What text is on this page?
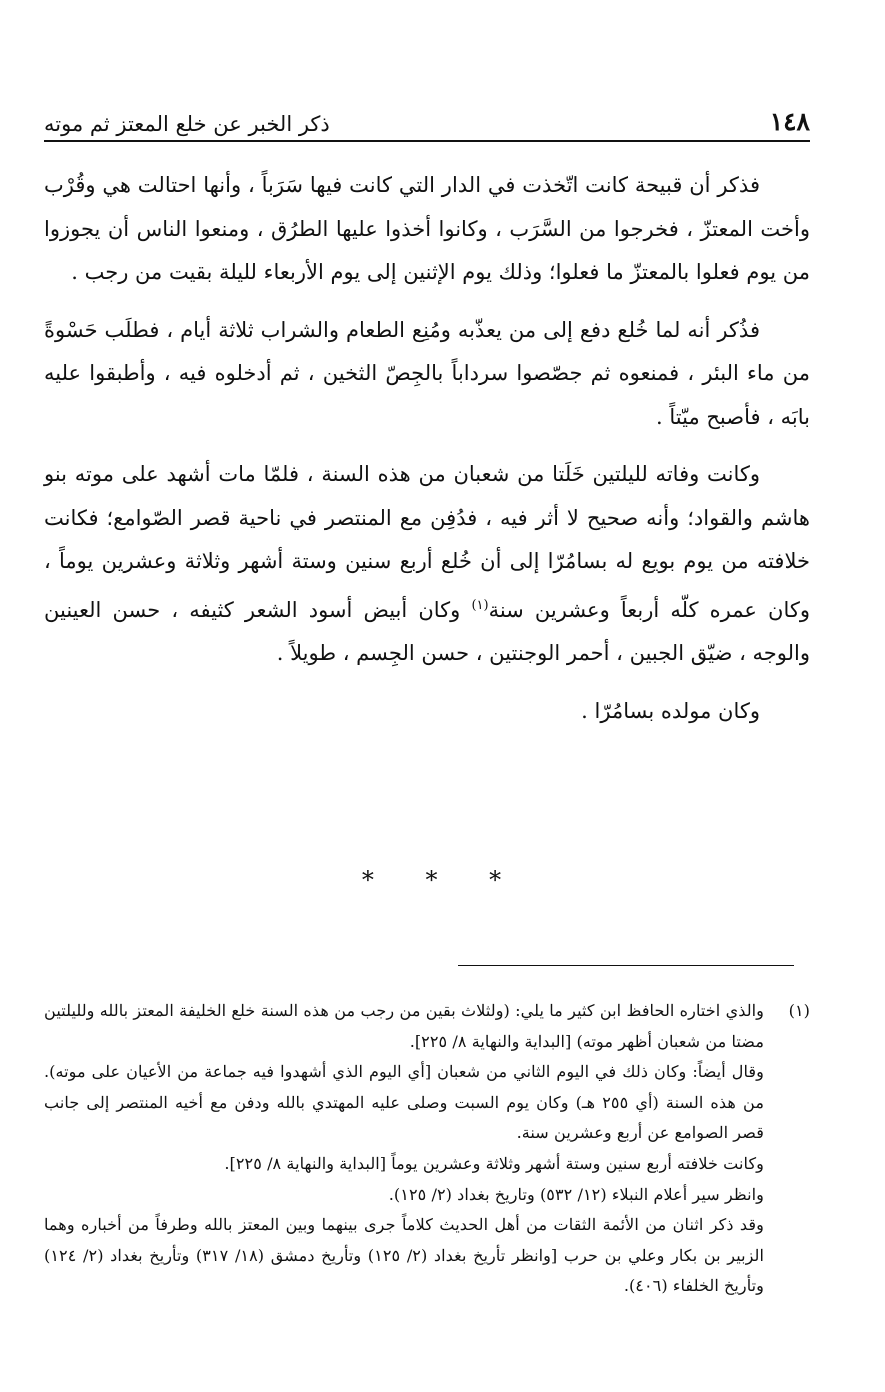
١٤٨
ذكر الخبر عن خلع المعتز ثم موته

فذكر أن قبيحة كانت اتّخذت في الدار التي كانت فيها سَرَباً ، وأنها احتالت هي وقُرْب وأخت المعتزّ ، فخرجوا من السَّرَب ، وكانوا أخذوا عليها الطرُق ، ومنعوا الناس أن يجوزوا من يوم فعلوا بالمعتزّ ما فعلوا؛ وذلك يوم الإثنين إلى يوم الأربعاء لليلة بقيت من رجب .

فذُكر أنه لما خُلع دفع إلى من يعذّبه ومُنِع الطعام والشراب ثلاثة أيام ، فطلَب حَسْوةً من ماء البئر ، فمنعوه ثم جصّصوا سرداباً بالجِصّ الثخين ، ثم أدخلوه فيه ، وأطبقوا عليه بابَه ، فأصبح ميّتاً .

وكانت وفاته لليلتين خَلَتا من شعبان من هذه السنة ، فلمّا مات أشهد على موته بنو هاشم والقواد؛ وأنه صحيح لا أثر فيه ، فدُفِن مع المنتصر في ناحية قصر الصّوامع؛ فكانت خلافته من يوم بويع له بسامُرّا إلى أن خُلع أربع سنين وستة أشهر وثلاثة وعشرين يوماً ، وكان عمره كلّه أربعاً وعشرين سنة$^{(١)}$ وكان أبيض أسود الشعر كثيفه ، حسن العينين والوجه ، ضيّق الجبين ، أحمر الوجنتين ، حسن الجِسم ، طويلاً .

وكان مولده بسامُرّا .

* * *
(١)

والذي اختاره الحافظ ابن كثير ما يلي: (ولثلاث بقين من رجب من هذه السنة خلع الخليفة المعتز بالله ولليلتين مضتا من شعبان أظهر موته) [البداية والنهاية ٨/ ٢٢٥].

وقال أيضاً: وكان ذلك في اليوم الثاني من شعبان [أي اليوم الذي أشهدوا فيه جماعة من الأعيان على موته). من هذه السنة (أي ٢٥٥ هـ) وكان يوم السبت وصلى عليه المهتدي بالله ودفن مع أخيه المنتصر إلى جانب قصر الصوامع عن أربع وعشرين سنة.

وكانت خلافته أربع سنين وستة أشهر وثلاثة وعشرين يوماً [البداية والنهاية ٨/ ٢٢٥].

وانظر سير أعلام النبلاء (١٢/ ٥٣٢) وتاريخ بغداد (٢/ ١٢٥).

وقد ذكر اثنان من الأئمة الثقات من أهل الحديث كلاماً جرى بينهما وبين المعتز بالله وطرفاً من أخباره وهما الزبير بن بكار وعلي بن حرب [وانظر تأريخ بغداد (٢/ ١٢٥) وتأريخ دمشق (١٨/ ٣١٧) وتأريخ بغداد (٢/ ١٢٤) وتأريخ الخلفاء (٤٠٦).
